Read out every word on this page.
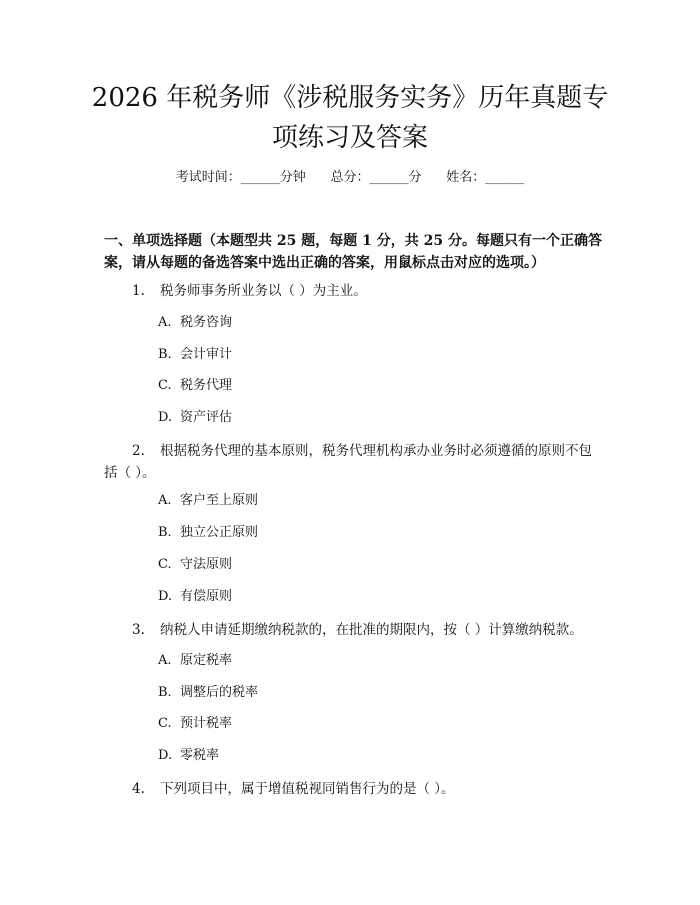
2026 年税务师《涉税服务实务》历年真题专项练习及答案
考试时间：______分钟      总分：______分      姓名：______

一、单项选择题（本题型共 25 题，每题 1 分，共 25 分。每题只有一个正确答案，请从每题的备选答案中选出正确的答案，用鼠标点击对应的选项。）

1. 税务师事务所业务以（ ）为主业。

A. 税务咨询
B. 会计审计
C. 税务代理
D. 资产评估

2. 根据税务代理的基本原则，税务代理机构承办业务时必须遵循的原则不包括（ ）。

A. 客户至上原则
B. 独立公正原则
C. 守法原则
D. 有偿原则

3. 纳税人申请延期缴纳税款的，在批准的期限内，按（ ）计算缴纳税款。

A. 原定税率
B. 调整后的税率
C. 预计税率
D. 零税率

4. 下列项目中，属于增值税视同销售行为的是（ ）。
